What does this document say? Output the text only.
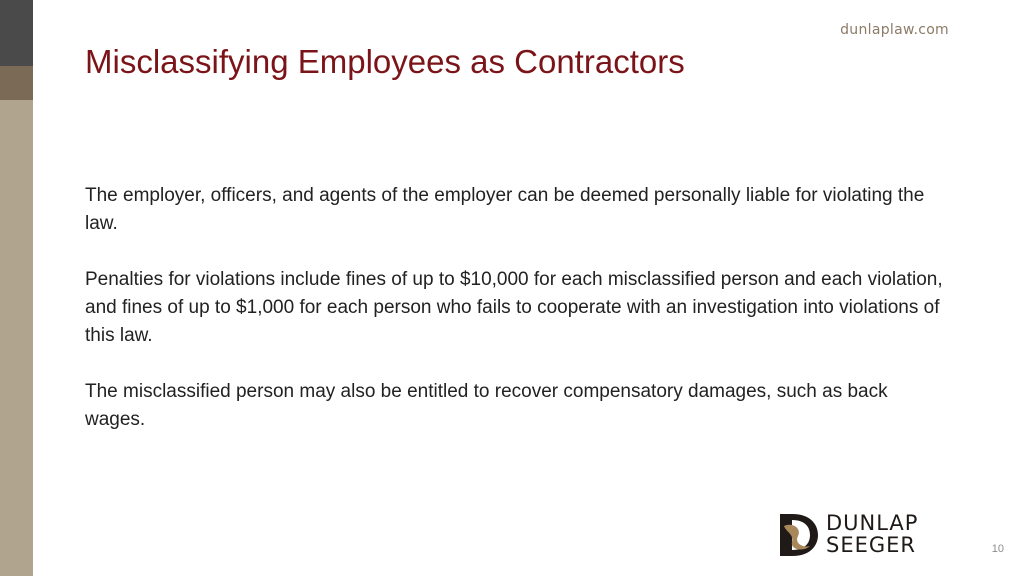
dunlaplaw.com
Misclassifying Employees as Contractors

The employer, officers, and agents of the employer can be deemed personally liable for violating the law.

Penalties for violations include fines of up to $10,000 for each misclassified person and each violation, and fines of up to $1,000 for each person who fails to cooperate with an investigation into violations of this law.

The misclassified person may also be entitled to recover compensatory damages, such as back wages.

DUNLAP
SEEGER	10
